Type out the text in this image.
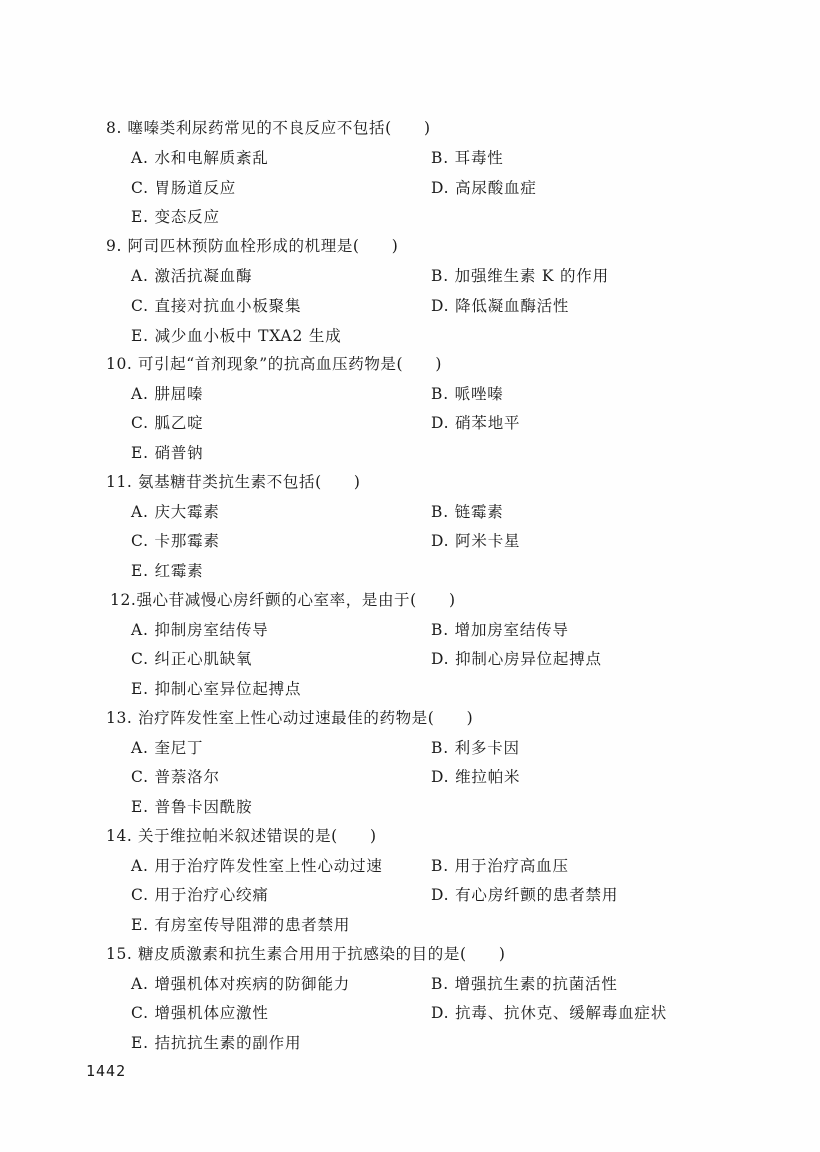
8. 噻嗪类利尿药常见的不良反应不包括(　　)
A. 水和电解质紊乱	B. 耳毒性
C. 胃肠道反应	D. 高尿酸血症
E. 变态反应
9. 阿司匹林预防血栓形成的机理是(　　)
A. 激活抗凝血酶	B. 加强维生素 K 的作用
C. 直接对抗血小板聚集	D. 降低凝血酶活性
E. 减少血小板中 TXA2 生成
10. 可引起“首剂现象”的抗高血压药物是(　　)
A. 肼屈嗪	B. 哌唑嗪
C. 胍乙啶	D. 硝苯地平
E. 硝普钠
11. 氨基糖苷类抗生素不包括(　　)
A. 庆大霉素	B. 链霉素
C. 卡那霉素	D. 阿米卡星
E. 红霉素
12.强心苷减慢心房纤颤的心室率，是由于(　　)
A. 抑制房室结传导	B. 增加房室结传导
C. 纠正心肌缺氧	D. 抑制心房异位起搏点
E. 抑制心室异位起搏点
13. 治疗阵发性室上性心动过速最佳的药物是(　　)
A. 奎尼丁	B. 利多卡因
C. 普萘洛尔	D. 维拉帕米
E. 普鲁卡因酰胺
14. 关于维拉帕米叙述错误的是(　　)
A. 用于治疗阵发性室上性心动过速	B. 用于治疗高血压
C. 用于治疗心绞痛	D. 有心房纤颤的患者禁用
E. 有房室传导阻滞的患者禁用
15. 糖皮质激素和抗生素合用用于抗感染的目的是(　　)
A. 增强机体对疾病的防御能力	B. 增强抗生素的抗菌活性
C. 增强机体应激性	D. 抗毒、抗休克、缓解毒血症状
E. 拮抗抗生素的副作用
1442
